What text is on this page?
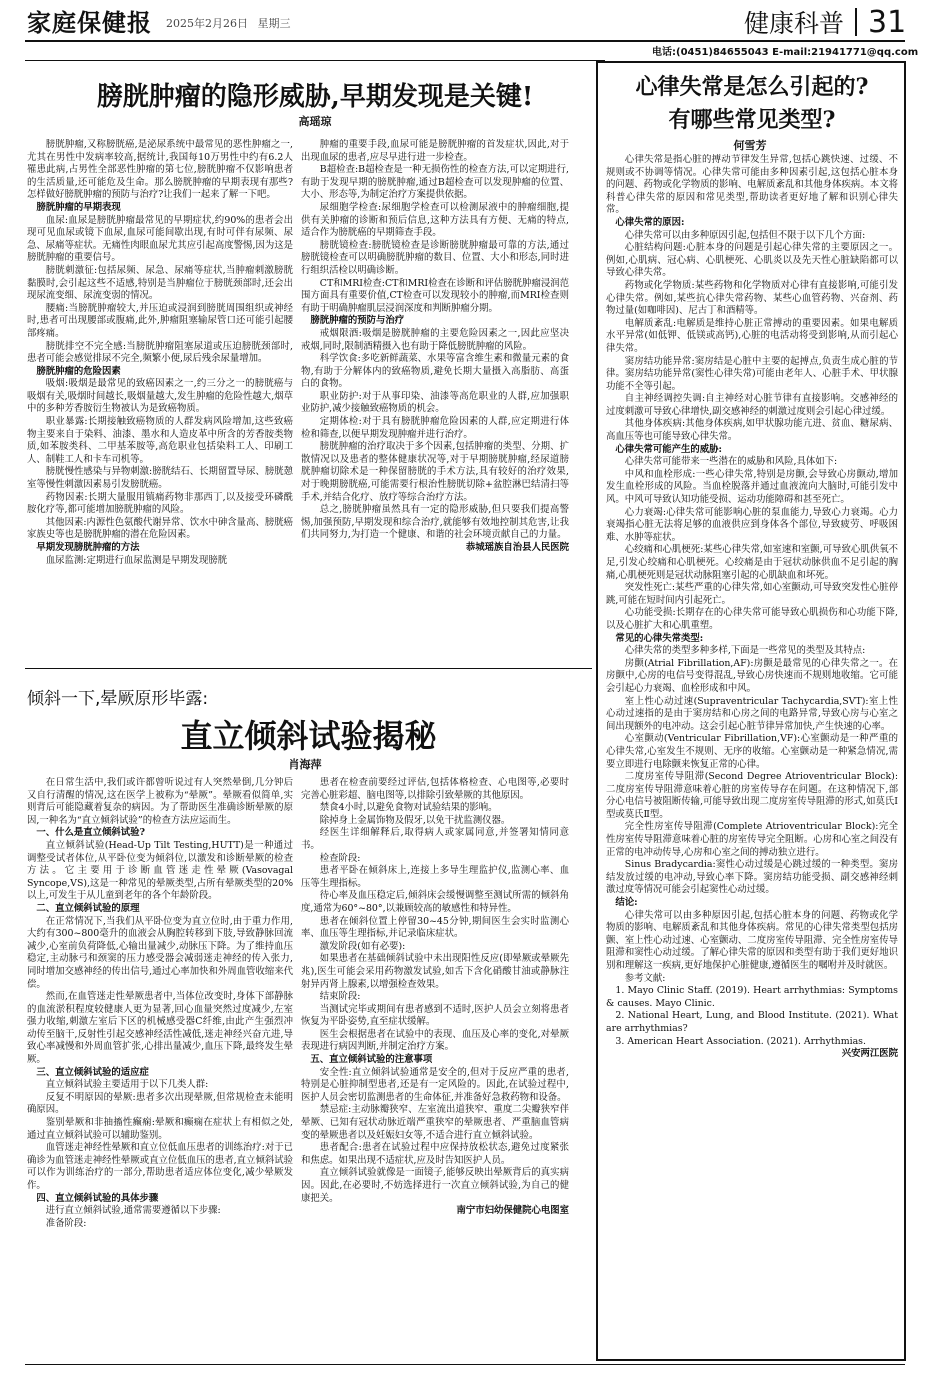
家庭保健报 2025年2月26日 星期三	健康科普 31
电话:(0451)84655043 E-mail:21941771@qq.com
膀胱肿瘤的隐形威胁,早期发现是关键!
高瑶琼

膀胱肿瘤,又称膀胱癌,是泌尿系统中最常见的恶性肿瘤之一,尤其在男性中发病率较高,据统计,我国每10万男性中约有6.2人罹患此病,占男性全部恶性肿瘤的第七位,膀胱肿瘤不仅影响患者的生活质量,还可能危及生命。那么膀胱肿瘤的早期表现有那些?怎样做好膀胱肿瘤的预防与治疗?让我们一起来了解一下吧。

膀胱肿瘤的早期表现

血尿:血尿是膀胱肿瘤最常见的早期症状,约90%的患者会出现可见血尿或镜下血尿,血尿可能间歇出现,有时可伴有尿频、尿急、尿痛等症状。无痛性肉眼血尿尤其应引起高度警惕,因为这是膀胱肿瘤的重要信号。

膀胱刺激征:包括尿频、尿急、尿痛等症状,当肿瘤刺激膀胱黏膜时,会引起这些不适感,特别是当肿瘤位于膀胱颈部时,还会出现尿流变细、尿流变弱的情况。

腰痛:当膀胱肿瘤较大,并压迫或浸润到膀胱周围组织或神经时,患者可出现腰部或腹痛,此外,肿瘤阻塞输尿管口还可能引起腰部疼痛。

膀胱排空不完全感:当膀胱肿瘤阻塞尿道或压迫膀胱颈部时,患者可能会感觉排尿不完全,频繁小便,尿后残余尿量增加。

膀胱肿瘤的危险因素

吸烟:吸烟是最常见的致癌因素之一,约三分之一的膀胱癌与吸烟有关,吸烟时间越长,吸烟量越大,发生肿瘤的危险性越大,烟草中的多种芳香胺衍生物被认为是致癌物质。

职业暴露:长期接触致癌物质的人群发病风险增加,这些致癌物主要来自于染料、油漆、墨水和人造皮革中所含的芳香胺类物质,如苯胺类科、二甲基苯胺等,高危职业包括染料工人、印刷工人、制鞋工人和卡车司机等。

膀胱慢性感染与异物刺激:膀胱结石、长期留置导尿、膀胱憩室等慢性刺激因素易引发膀胱癌。

药物因素:长期大量服用镇痛药物非那西丁,以及接受环磷酰胺化疗等,都可能增加膀胱肿瘤的风险。

其他因素:内源性色氨酸代谢异常、饮水中砷含量高、膀胱癌家族史等也是膀胱肿瘤的潜在危险因素。

早期发现膀胱肿瘤的方法

血尿监测:定期进行血尿监测是早期发现膀胱

肿瘤的重要手段,血尿可能是膀胱肿瘤的首发症状,因此,对于出现血尿的患者,应尽早进行进一步检查。

B超检查:B超检查是一种无损伤性的检查方法,可以定期进行,有助于发现早期的膀胱肿瘤,通过B超检查可以发现肿瘤的位置、大小、形态等,为制定治疗方案提供依据。

尿细胞学检查:尿细胞学检查可以检测尿液中的肿瘤细胞,提供有关肿瘤的诊断和预后信息,这种方法具有方便、无痛的特点,适合作为膀胱癌的早期筛查手段。

膀胱镜检查:膀胱镜检查是诊断膀胱肿瘤最可靠的方法,通过膀胱镜检查可以明确膀胱肿瘤的数目、位置、大小和形态,同时进行组织活检以明确诊断。

CT和MRI检查:CT和MRI检查在诊断和评估膀胱肿瘤浸润范围方面具有重要价值,CT检查可以发现较小的肿瘤,而MRI检查则有助于明确肿瘤肌层浸润深度和判断肿瘤分期。

膀胱肿瘤的预防与治疗

戒烟限酒:吸烟是膀胱肿瘤的主要危险因素之一,因此应坚决戒烟,同时,限制酒精摄入也有助于降低膀胱肿瘤的风险。

科学饮食:多吃新鲜蔬菜、水果等富含维生素和微量元素的食物,有助于分解体内的致癌物质,避免长期大量摄入高脂肪、高蛋白的食物。

职业防护:对于从事印染、油漆等高危职业的人群,应加强职业防护,减少接触致癌物质的机会。

定期体检:对于具有膀胱肿瘤危险因素的人群,应定期进行体检和筛查,以便早期发现肿瘤并进行治疗。

膀胱肿瘤的治疗取决于多个因素,包括肿瘤的类型、分期、扩散情况以及患者的整体健康状况等,对于早期膀胱肿瘤,经尿道膀胱肿瘤切除术是一种保留膀胱的手术方法,具有较好的治疗效果,对于晚期膀胱癌,可能需要行根治性膀胱切除+盆腔淋巴结清扫等手术,并结合化疗、放疗等综合治疗方法。

总之,膀胱肿瘤虽然具有一定的隐形威胁,但只要我们提高警惕,加强预防,早期发现和综合治疗,就能够有效地控制其危害,让我们共同努力,为打造一个健康、和谐的社会环境贡献自己的力量。

恭城瑶族自治县人民医院

心律失常是怎么引起的?
有哪些常见类型?
何雪芳

心律失常是指心脏的搏动节律发生异常,包括心跳快速、过缓、不规则或不协调等情况。心律失常可能由多种因素引起,这包括心脏本身的问题、药物或化学物质的影响、电解质紊乱和其他身体疾病。本文将科普心律失常的原因和常见类型,帮助读者更好地了解和识别心律失常。

心律失常的原因:

心律失常可以由多种原因引起,包括但不限于以下几个方面:

心脏结构问题:心脏本身的问题是引起心律失常的主要原因之一。例如,心肌病、冠心病、心肌梗死、心肌炎以及先天性心脏缺陷都可以导致心律失常。

药物或化学物质:某些药物和化学物质对心律有直接影响,可能引发心律失常。例如,某些抗心律失常药物、某些心血管药物、兴奋剂、药物过量(如咖啡因)、尼古丁和酒精等。

电解质紊乱:电解质是维持心脏正常搏动的重要因素。如果电解质水平异常(如低钾、低镁或高钙),心脏的电活动将受到影响,从而引起心律失常。

窦房结功能异常:窦房结是心脏中主要的起搏点,负责生成心脏的节律。窦房结功能异常(窦性心律失常)可能由老年人、心脏手术、甲状腺功能不全等引起。

自主神经调控失调:自主神经对心脏节律有直接影响。交感神经的过度刺激可导致心律增快,副交感神经的刺激过度则会引起心律过缓。

其他身体疾病:其他身体疾病,如甲状腺功能亢进、贫血、糖尿病、高血压等也可能导致心律失常。

心律失常可能产生的威胁:

心律失常可能带来一些潜在的威胁和风险,具体如下:

中风和血栓形成:一些心律失常,特别是房颤,会导致心房颤动,增加发生血栓形成的风险。当血栓脱落并通过血液流向大脑时,可能引发中风。中风可导致认知功能受损、运动功能障碍和甚至死亡。

心力衰竭:心律失常可能影响心脏的泵血能力,导致心力衰竭。心力衰竭指心脏无法将足够的血液供应到身体各个部位,导致疲劳、呼吸困难、水肿等症状。

心绞痛和心肌梗死:某些心律失常,如室速和室颤,可导致心肌供氧不足,引发心绞痛和心肌梗死。心绞痛是由于冠状动脉供血不足引起的胸痛,心肌梗死则是冠状动脉阻塞引起的心肌缺血和坏死。

突发性死亡:某些严重的心律失常,如心室颤动,可导致突发性心脏停跳,可能在短时间内引起死亡。

心功能受损:长期存在的心律失常可能导致心肌损伤和心功能下降,以及心脏扩大和心肌重塑。

常见的心律失常类型:

心律失常的类型多种多样,下面是一些常见的类型及其特点:

房颤(Atrial Fibrillation,AF):房颤是最常见的心律失常之一。在房颤中,心房的电信号变得混乱,导致心房快速而不规则地收缩。它可能会引起心力衰竭、血栓形成和中风。

室上性心动过速(Supraventricular Tachycardia,SVT):室上性心动过速指的是由于窦房结和心房之间的电路异常,导致心房与心室之间出现额外的电冲动。这会引起心脏节律异常加快,产生快速的心率。

心室颤动(Ventricular Fibrillation,VF):心室颤动是一种严重的心律失常,心室发生不规则、无序的收缩。心室颤动是一种紧急情况,需要立即进行电除颤来恢复正常的心律。

二度房室传导阻滞(Second Degree Atrioventricular Block):二度房室传导阻滞意味着心脏的房室传导存在问题。在这种情况下,部分心电信号被阻断传输,可能导致出现二度房室传导阻滞的形式,如莫氏Ⅰ型或莫氏Ⅱ型。

完全性房室传导阻滞(Complete Atrioventricular Block):完全性房室传导阻滞意味着心脏的房室传导完全阻断。心房和心室之间没有正常的电冲动传导,心房和心室之间的搏动独立进行。

Sinus Bradycardia:窦性心动过缓是心跳过缓的一种类型。窦房结发放过缓的电冲动,导致心率下降。窦房结功能受损、副交感神经刺激过度等情况可能会引起窦性心动过缓。

结论:

心律失常可以由多种原因引起,包括心脏本身的问题、药物或化学物质的影响、电解质紊乱和其他身体疾病。常见的心律失常类型包括房颤、室上性心动过速、心室颤动、二度房室传导阻滞、完全性房室传导阻滞和窦性心动过缓。了解心律失常的原因和类型有助于我们更好地识别和理解这一疾病,更好地保护心脏健康,遵循医生的嘱咐并及时就医。

参考文献:

1. Mayo Clinic Staff. (2019). Heart arrhythmias: Symptoms & causes. Mayo Clinic.

2. National Heart, Lung, and Blood Institute. (2021). What are arrhythmias?

3. American Heart Association. (2021). Arrhythmias.

兴安两江医院

倾斜一下,晕厥原形毕露:
直立倾斜试验揭秘
肖海萍

在日常生活中,我们或许都曾听说过有人突然晕倒,几分钟后又自行清醒的情况,这在医学上被称为“晕厥”。晕厥看似简单,实则背后可能隐藏着复杂的病因。为了帮助医生准确诊断晕厥的原因,一种名为“直立倾斜试验”的检查方法应运而生。

一、什么是直立倾斜试验?

直立倾斜试验(Head-Up Tilt Testing,HUTT)是一种通过调整受试者体位,从平卧位变为倾斜位,以激发和诊断晕厥的检查方法。它主要用于诊断血管迷走性晕厥(Vasovagal Syncope,VS),这是一种常见的晕厥类型,占所有晕厥类型的20%以上,可发生于从儿童到老年的各个年龄阶段。

二、直立倾斜试验的原理

在正常情况下,当我们从平卧位变为直立位时,由于重力作用,大约有300~800毫升的血液会从胸腔转移到下肢,导致静脉回流减少,心室前负荷降低,心输出量减少,动脉压下降。为了维持血压稳定,主动脉弓和颈窦的压力感受器会减弱迷走神经的传入张力,同时增加交感神经的传出信号,通过心率加快和外周血管收缩来代偿。

然而,在血管迷走性晕厥患者中,当体位改变时,身体下部静脉的血流淤积程度较健康人更为显著,回心血量突然过度减少,左室强力收缩,刺激左室后下区的机械感受器C纤维,由此产生强烈冲动传至脑干,反射性引起交感神经活性减低,迷走神经兴奋亢进,导致心率减慢和外周血管扩张,心排出量减少,血压下降,最终发生晕厥。

三、直立倾斜试验的适应症

直立倾斜试验主要适用于以下几类人群:

反复不明原因的晕厥:患者多次出现晕厥,但常规检查未能明确原因。

鉴别晕厥和非抽搐性癫痫:晕厥和癫痫在症状上有相似之处,通过直立倾斜试验可以辅助鉴别。

血管迷走神经性晕厥和直立位低血压患者的训练治疗:对于已确诊为血管迷走神经性晕厥或直立位低血压的患者,直立倾斜试验可以作为训练治疗的一部分,帮助患者适应体位变化,减少晕厥发作。

四、直立倾斜试验的具体步骤

进行直立倾斜试验,通常需要遵循以下步骤:

准备阶段:

患者在检查前要经过评估,包括体格检查、心电图等,必要时完善心脏彩超、脑电图等,以排除引致晕厥的其他原因。

禁食4小时,以避免食物对试验结果的影响。

除掉身上金属饰物及假牙,以免干扰监测仪器。

经医生详细解释后,取得病人或家属同意,并签署知情同意书。

检查阶段:

患者平卧在倾斜床上,连接上多导生理监护仪,监测心率、血压等生理指标。

待心率及血压稳定后,倾斜床会缓慢调整至测试所需的倾斜角度,通常为60°~80°,以兼顾较高的敏感性和特异性。

患者在倾斜位置上停留30~45分钟,期间医生会实时监测心率、血压等生理指标,并记录临床症状。

激发阶段(如有必要):

如果患者在基础倾斜试验中未出现阳性反应(即晕厥或晕厥先兆),医生可能会采用药物激发试验,如舌下含化硝酸甘油或静脉注射异丙肾上腺素,以增强检查效果。

结束阶段:

当测试完毕或期间有患者感到不适时,医护人员会立刻将患者恢复为平卧姿势,直至症状缓解。

医生会根据患者在试验中的表现、血压及心率的变化,对晕厥表现进行病因判断,并制定治疗方案。

五、直立倾斜试验的注意事项

安全性:直立倾斜试验通常是安全的,但对于反应严重的患者,特别是心脏抑制型患者,还是有一定风险的。因此,在试验过程中,医护人员会密切监测患者的生命体征,并准备好急救药物和设备。

禁忌症:主动脉瓣狭窄、左室流出道狭窄、重度二尖瓣狭窄伴晕厥、已知有冠状动脉近端严重狭窄的晕厥患者、严重脑血管病变的晕厥患者以及妊娠妇女等,不适合进行直立倾斜试验。

患者配合:患者在试验过程中应保持放松状态,避免过度紧张和焦虑。如果出现不适症状,应及时告知医护人员。

直立倾斜试验就像是一面镜子,能够反映出晕厥背后的真实病因。因此,在必要时,不妨选择进行一次直立倾斜试验,为自己的健康把关。

南宁市妇幼保健院心电图室
